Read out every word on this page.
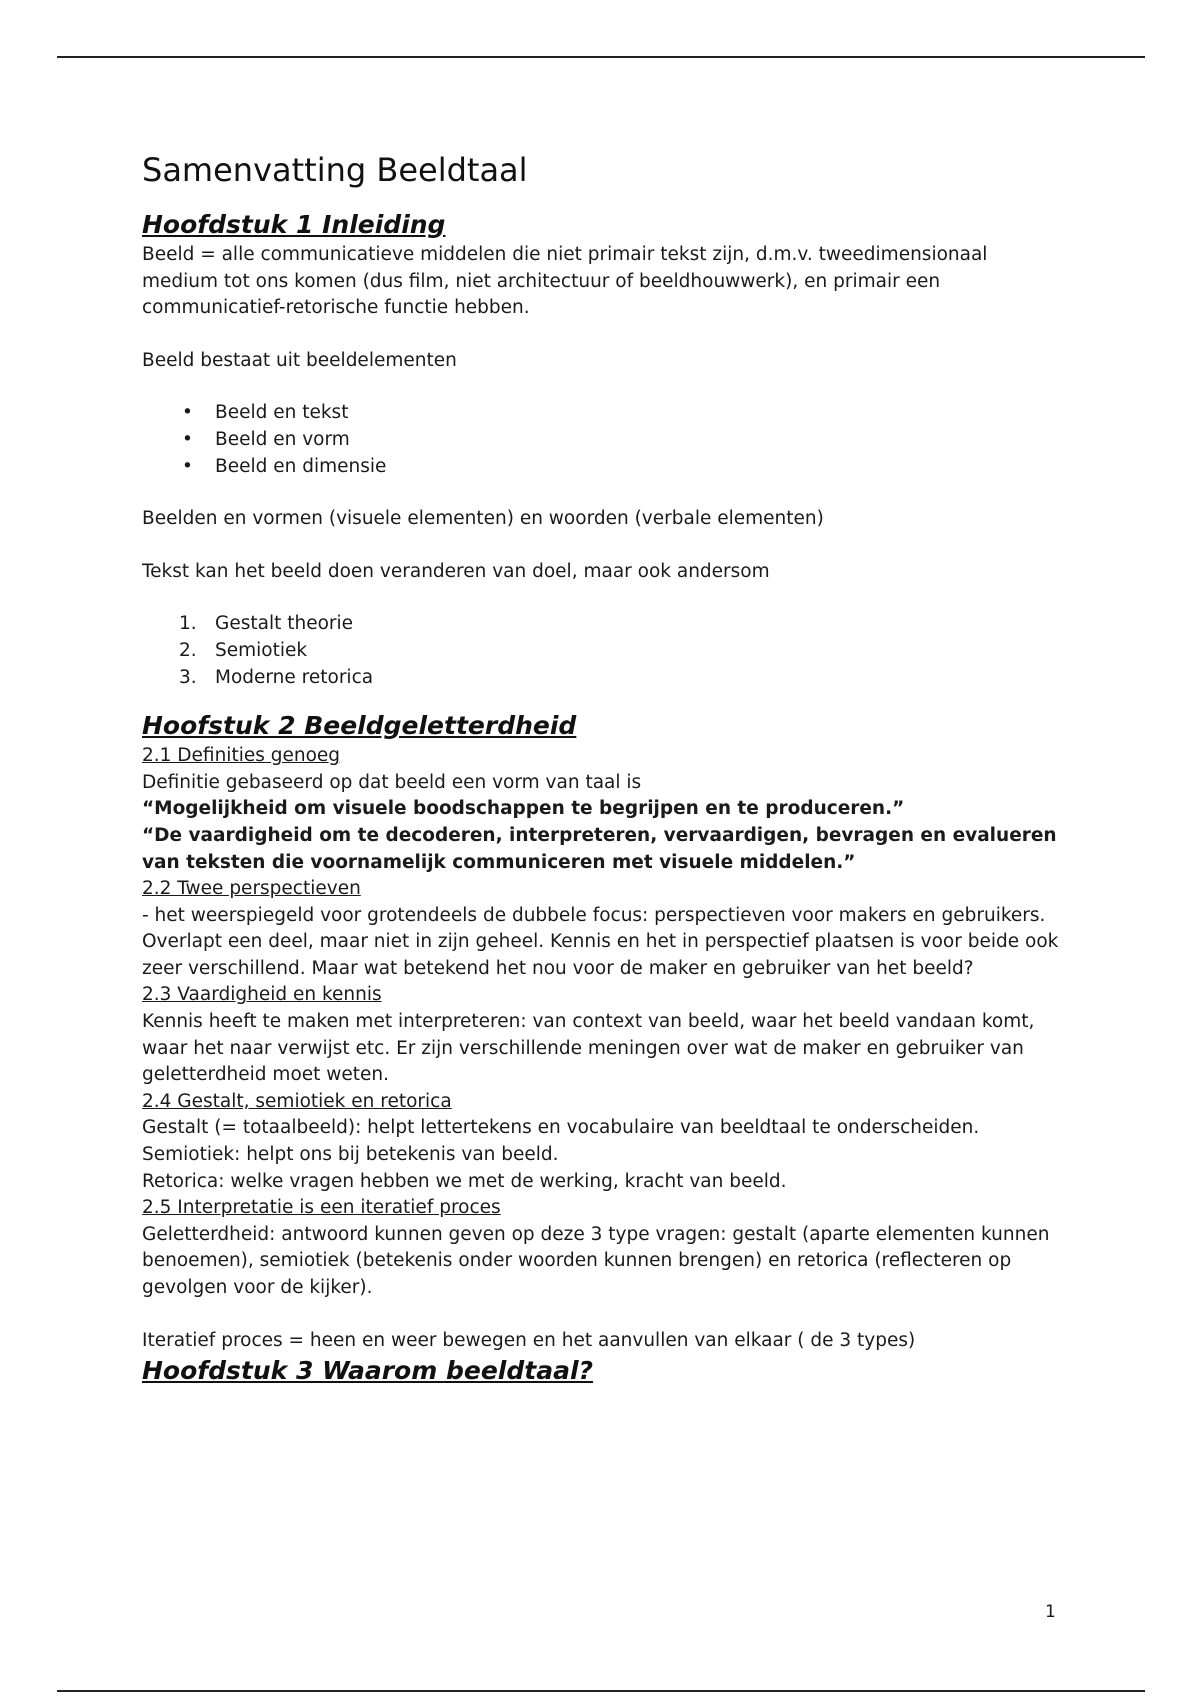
Samenvatting Beeldtaal
Hoofdstuk 1 Inleiding

Beeld = alle communicatieve middelen die niet primair tekst zijn, d.m.v. tweedimensionaal medium tot ons komen (dus film, niet architectuur of beeldhouwwerk), en primair een communicatief-retorische functie hebben.

Beeld bestaat uit beeldelementen

• Beeld en tekst
• Beeld en vorm
• Beeld en dimensie

Beelden en vormen (visuele elementen) en woorden (verbale elementen)

Tekst kan het beeld doen veranderen van doel, maar ook andersom

1. Gestalt theorie
2. Semiotiek
3. Moderne retorica
Hoofstuk 2 Beeldgeletterdheid

2.1 Definities genoeg

Definitie gebaseerd op dat beeld een vorm van taal is

“Mogelijkheid om visuele boodschappen te begrijpen en te produceren.”

“De vaardigheid om te decoderen, interpreteren, vervaardigen, bevragen en evalueren van teksten die voornamelijk communiceren met visuele middelen.”

2.2 Twee perspectieven

- het weerspiegeld voor grotendeels de dubbele focus: perspectieven voor makers en gebruikers. Overlapt een deel, maar niet in zijn geheel. Kennis en het in perspectief plaatsen is voor beide ook zeer verschillend. Maar wat betekend het nou voor de maker en gebruiker van het beeld?

2.3 Vaardigheid en kennis

Kennis heeft te maken met interpreteren: van context van beeld, waar het beeld vandaan komt, waar het naar verwijst etc. Er zijn verschillende meningen over wat de maker en gebruiker van geletterdheid moet weten.

2.4 Gestalt, semiotiek en retorica

Gestalt (= totaalbeeld): helpt lettertekens en vocabulaire van beeldtaal te onderscheiden.

Semiotiek: helpt ons bij betekenis van beeld.

Retorica: welke vragen hebben we met de werking, kracht van beeld.

2.5 Interpretatie is een iteratief proces

Geletterdheid: antwoord kunnen geven op deze 3 type vragen: gestalt (aparte elementen kunnen benoemen), semiotiek (betekenis onder woorden kunnen brengen) en retorica (reflecteren op gevolgen voor de kijker).

Iteratief proces = heen en weer bewegen en het aanvullen van elkaar ( de 3 types)

Hoofdstuk 3 Waarom beeldtaal?
1
